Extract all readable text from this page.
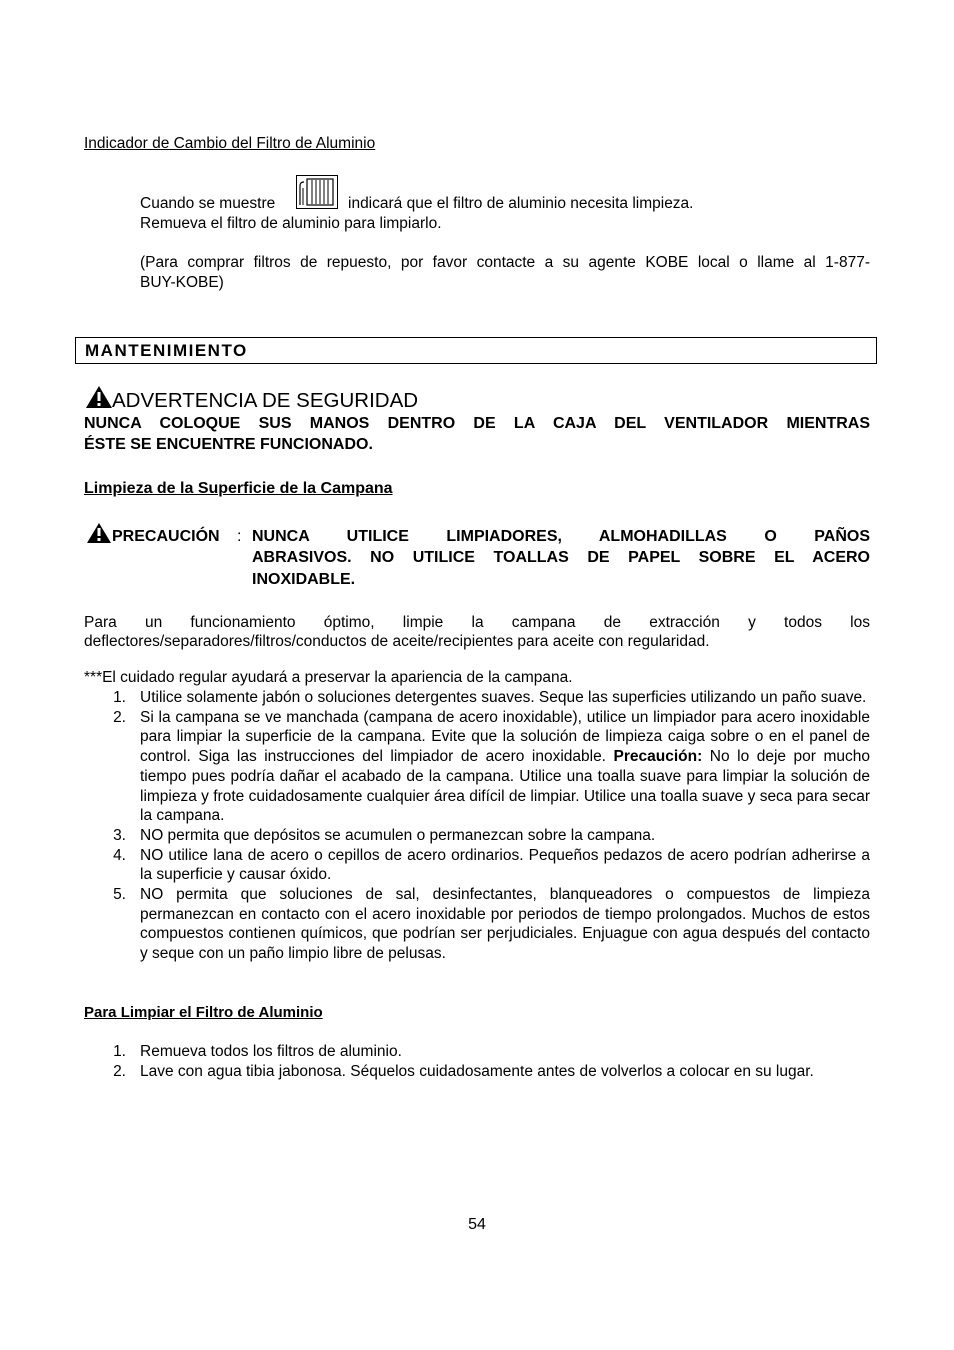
Indicador de Cambio del Filtro de Aluminio
Cuando se muestre	indicará que el filtro de aluminio necesita limpieza.
Remueva el filtro de aluminio para limpiarlo.
(Para comprar filtros de repuesto, por favor contacte a su agente KOBE local o llame al 1-877-
BUY-KOBE)
MANTENIMIENTO
ADVERTENCIA DE SEGURIDAD
NUNCA COLOQUE SUS MANOS DENTRO DE LA CAJA DEL VENTILADOR MIENTRAS
ÉSTE SE ENCUENTRE FUNCIONADO.
Limpieza de la Superficie de la Campana
PRECAUCIÓN : NUNCA UTILICE LIMPIADORES, ALMOHADILLAS O PAÑOS
ABRASIVOS. NO UTILICE TOALLAS DE PAPEL SOBRE EL ACERO
INOXIDABLE.
Para un funcionamiento óptimo, limpie la campana de extracción y todos los
deflectores/separadores/filtros/conductos de aceite/recipientes para aceite con regularidad.
***El cuidado regular ayudará a preservar la apariencia de la campana.
1. Utilice solamente jabón o soluciones detergentes suaves. Seque las superficies utilizando un paño suave.
2. Si la campana se ve manchada (campana de acero inoxidable), utilice un limpiador para acero inoxidable para limpiar la superficie de la campana. Evite que la solución de limpieza caiga sobre o en el panel de control. Siga las instrucciones del limpiador de acero inoxidable. Precaución: No lo deje por mucho tiempo pues podría dañar el acabado de la campana. Utilice una toalla suave para limpiar la solución de limpieza y frote cuidadosamente cualquier área difícil de limpiar. Utilice una toalla suave y seca para secar la campana.
3. NO permita que depósitos se acumulen o permanezcan sobre la campana.
4. NO utilice lana de acero o cepillos de acero ordinarios. Pequeños pedazos de acero podrían adherirse a la superficie y causar óxido.
5. NO permita que soluciones de sal, desinfectantes, blanqueadores o compuestos de limpieza permanezcan en contacto con el acero inoxidable por periodos de tiempo prolongados. Muchos de estos compuestos contienen químicos, que podrían ser perjudiciales. Enjuague con agua después del contacto y seque con un paño limpio libre de pelusas.
Para Limpiar el Filtro de Aluminio
1. Remueva todos los filtros de aluminio.
2. Lave con agua tibia jabonosa. Séquelos cuidadosamente antes de volverlos a colocar en su lugar.
54
